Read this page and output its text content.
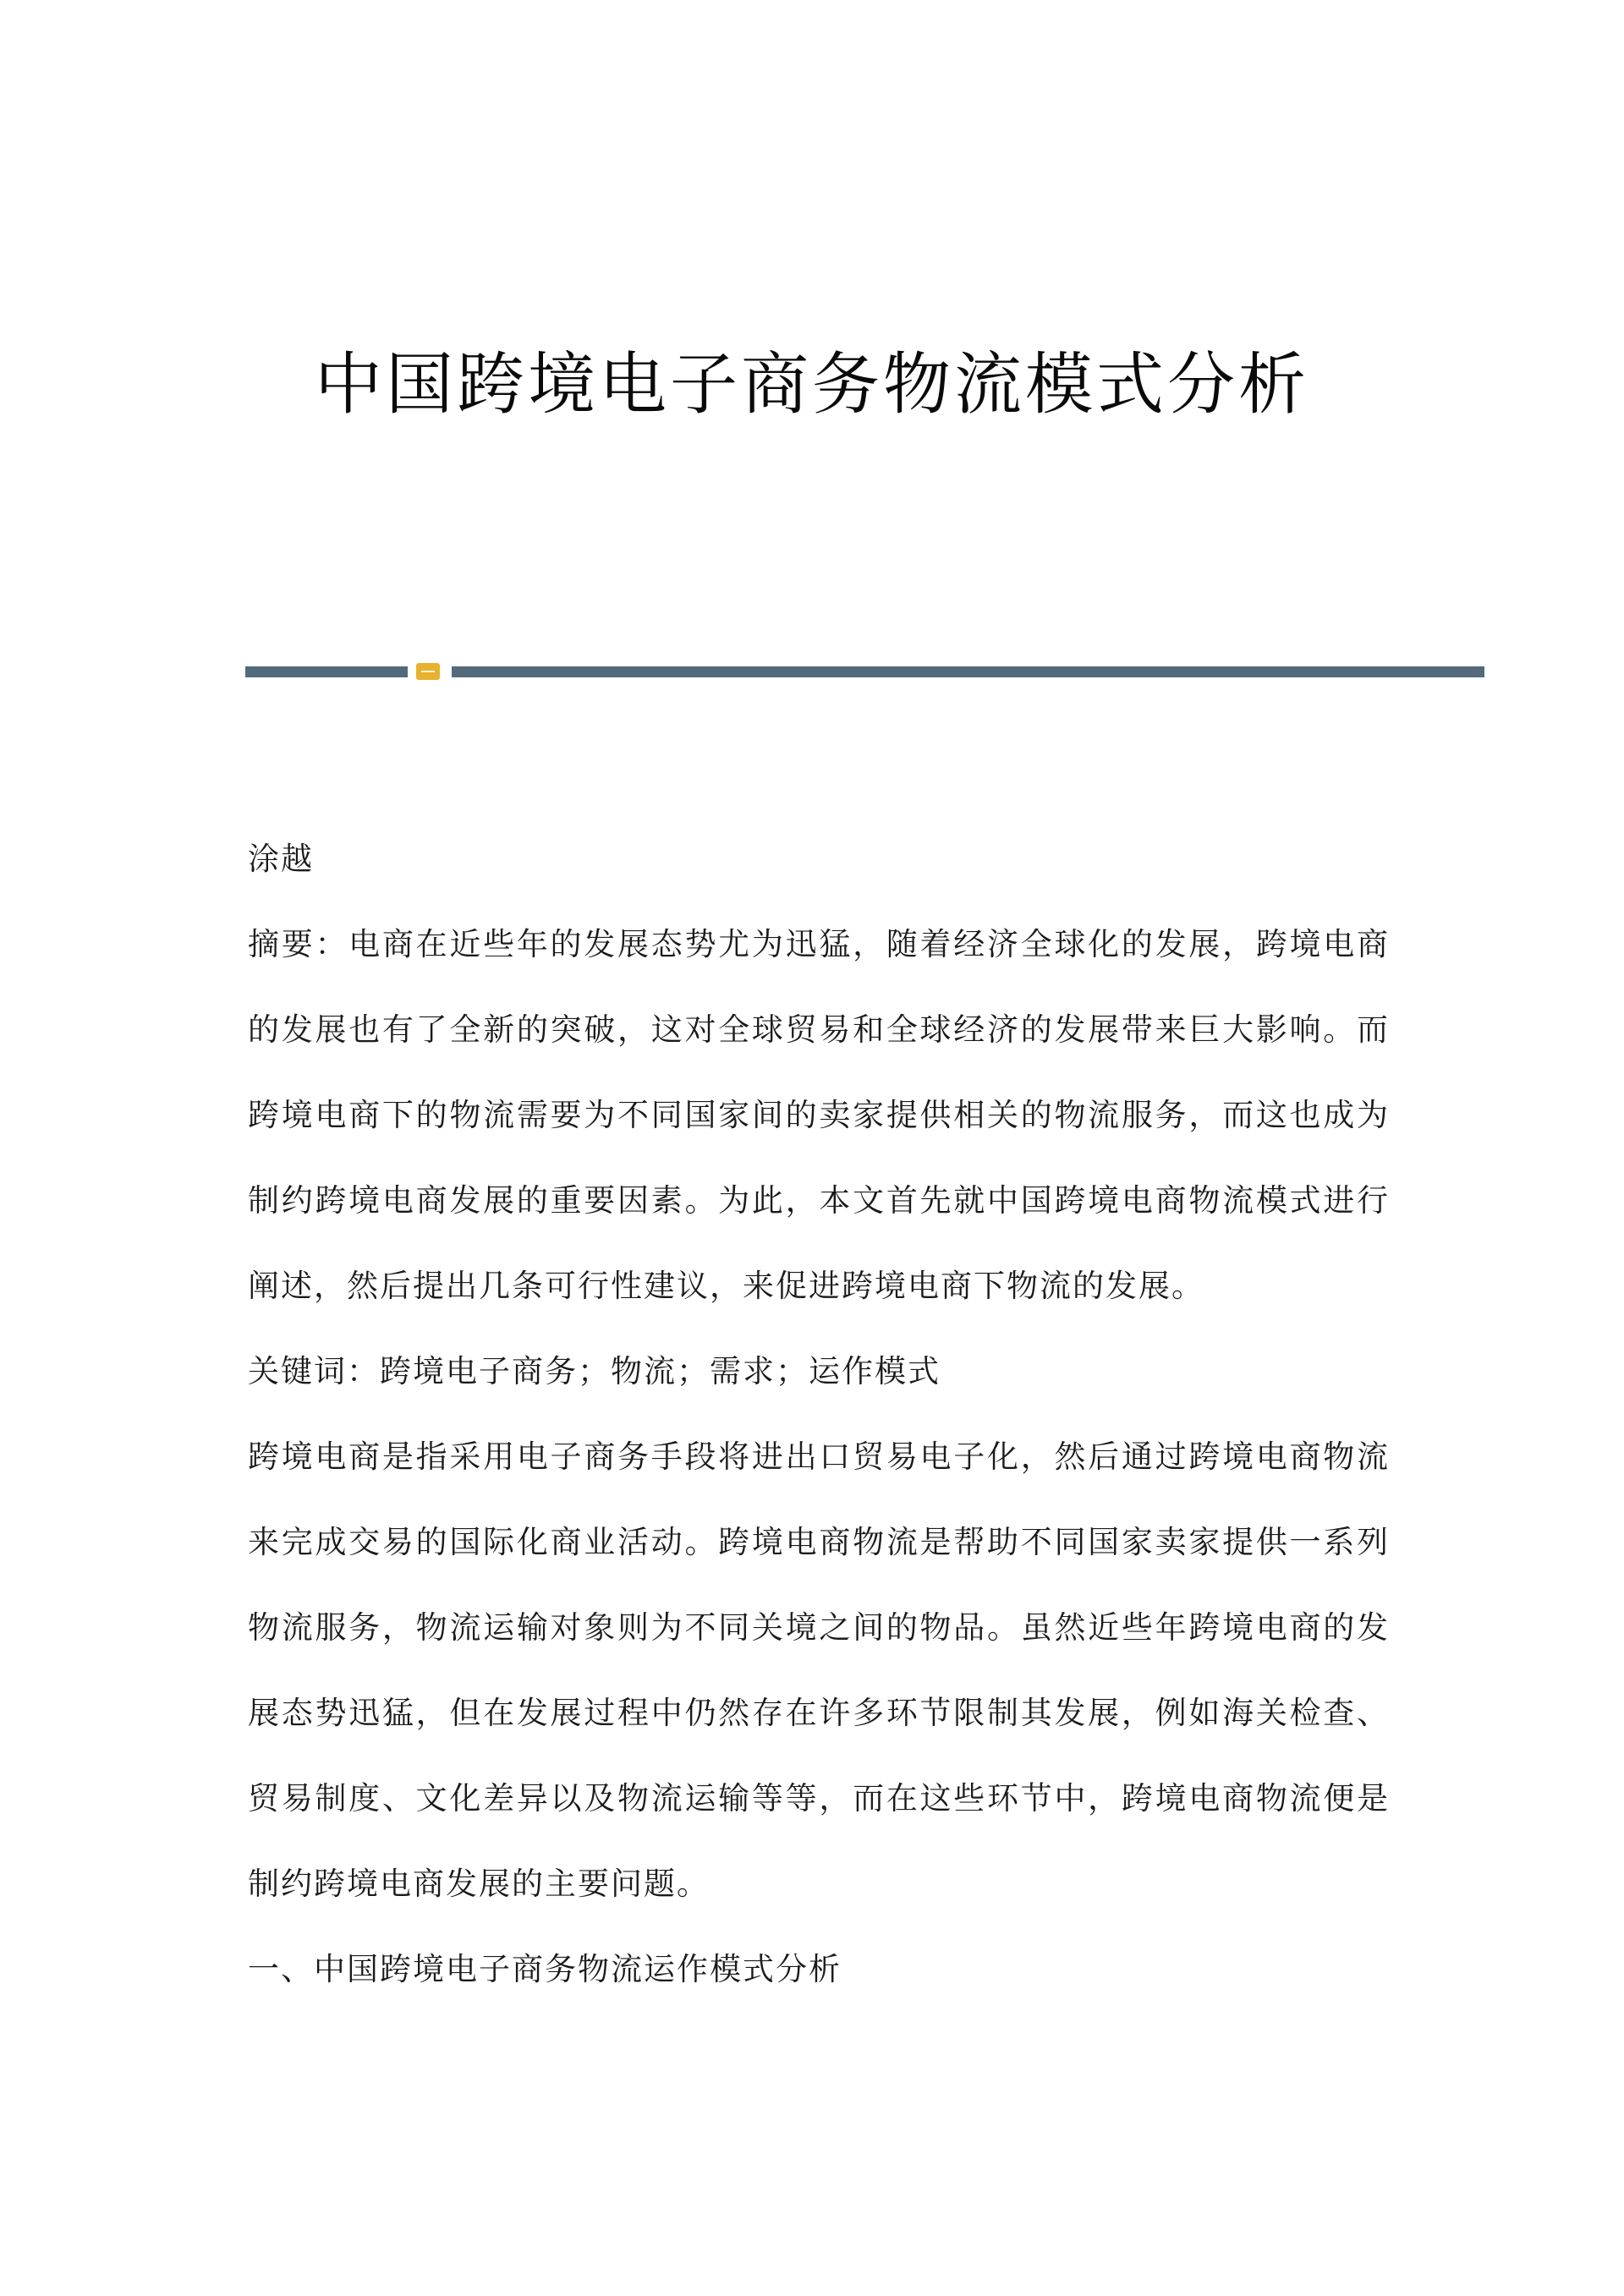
中国跨境电子商务物流模式分析

涂越

摘要：电商在近些年的发展态势尤为迅猛，随着经济全球化的发展，跨境电商的发展也有了全新的突破，这对全球贸易和全球经济的发展带来巨大影响。而跨境电商下的物流需要为不同国家间的卖家提供相关的物流服务，而这也成为制约跨境电商发展的重要因素。为此，本文首先就中国跨境电商物流模式进行阐述，然后提出几条可行性建议，来促进跨境电商下物流的发展。

关键词：跨境电子商务；物流；需求；运作模式

跨境电商是指采用电子商务手段将进出口贸易电子化，然后通过跨境电商物流来完成交易的国际化商业活动。跨境电商物流是帮助不同国家卖家提供一系列物流服务，物流运输对象则为不同关境之间的物品。虽然近些年跨境电商的发展态势迅猛，但在发展过程中仍然存在许多环节限制其发展，例如海关检查、贸易制度、文化差异以及物流运输等等，而在这些环节中，跨境电商物流便是制约跨境电商发展的主要问题。

一、中国跨境电子商务物流运作模式分析
